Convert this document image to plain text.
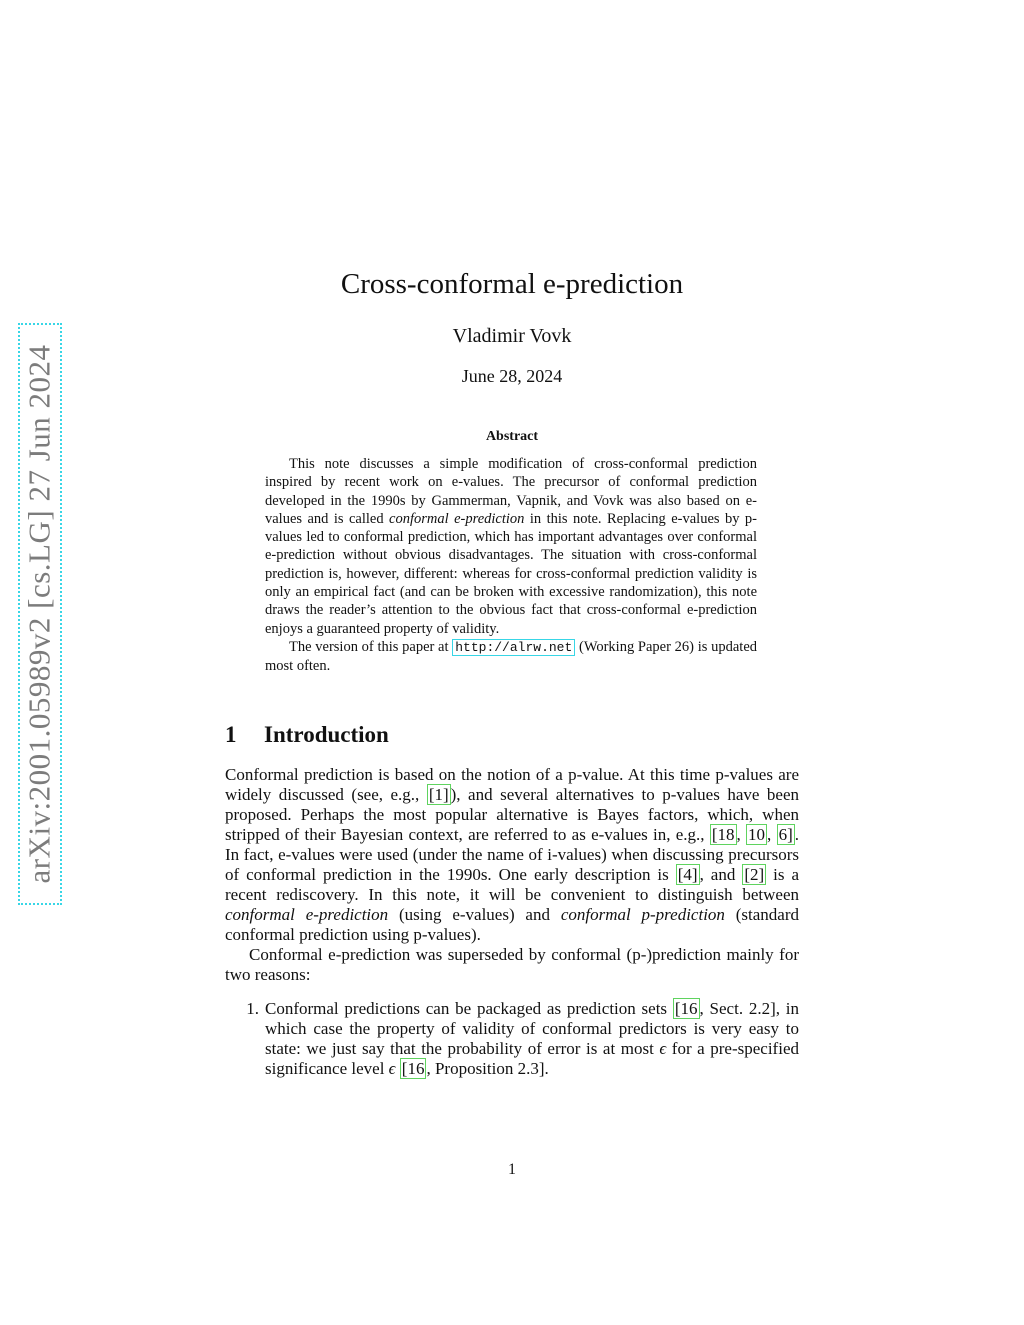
arXiv:2001.05989v2 [cs.LG] 27 Jun 2024
Cross-conformal e-prediction
Vladimir Vovk
June 28, 2024
Abstract

This note discusses a simple modification of cross-conformal prediction inspired by recent work on e-values. The precursor of conformal prediction developed in the 1990s by Gammerman, Vapnik, and Vovk was also based on e-values and is called conformal e-prediction in this note. Replacing e-values by p-values led to conformal prediction, which has important advantages over conformal e-prediction without obvious disadvantages. The situation with cross-conformal prediction is, however, different: whereas for cross-conformal prediction validity is only an empirical fact (and can be broken with excessive randomization), this note draws the reader’s attention to the obvious fact that cross-conformal e-prediction enjoys a guaranteed property of validity.

The version of this paper at http://alrw.net (Working Paper 26) is updated most often.

1 Introduction

Conformal prediction is based on the notion of a p-value. At this time p-values are widely discussed (see, e.g., [1] ), and several alternatives to p-values have been proposed. Perhaps the most popular alternative is Bayes factors, which, when stripped of their Bayesian context, are referred to as e-values in, e.g., [18 , 10 , 6] . In fact, e-values were used (under the name of i-values) when discussing precursors of conformal prediction in the 1990s. One early description is [4] , and [2] is a recent rediscovery. In this note, it will be convenient to distinguish between conformal e-prediction (using e-values) and conformal p-prediction (standard conformal prediction using p-values).

Conformal e-prediction was superseded by conformal (p-)prediction mainly for two reasons:

1. Conformal predictions can be packaged as prediction sets [16 , Sect. 2.2], in which case the property of validity of conformal predictors is very easy to state: we just say that the probability of error is at most ϵ for a pre-specified significance level ϵ [16 , Proposition 2.3].
1
